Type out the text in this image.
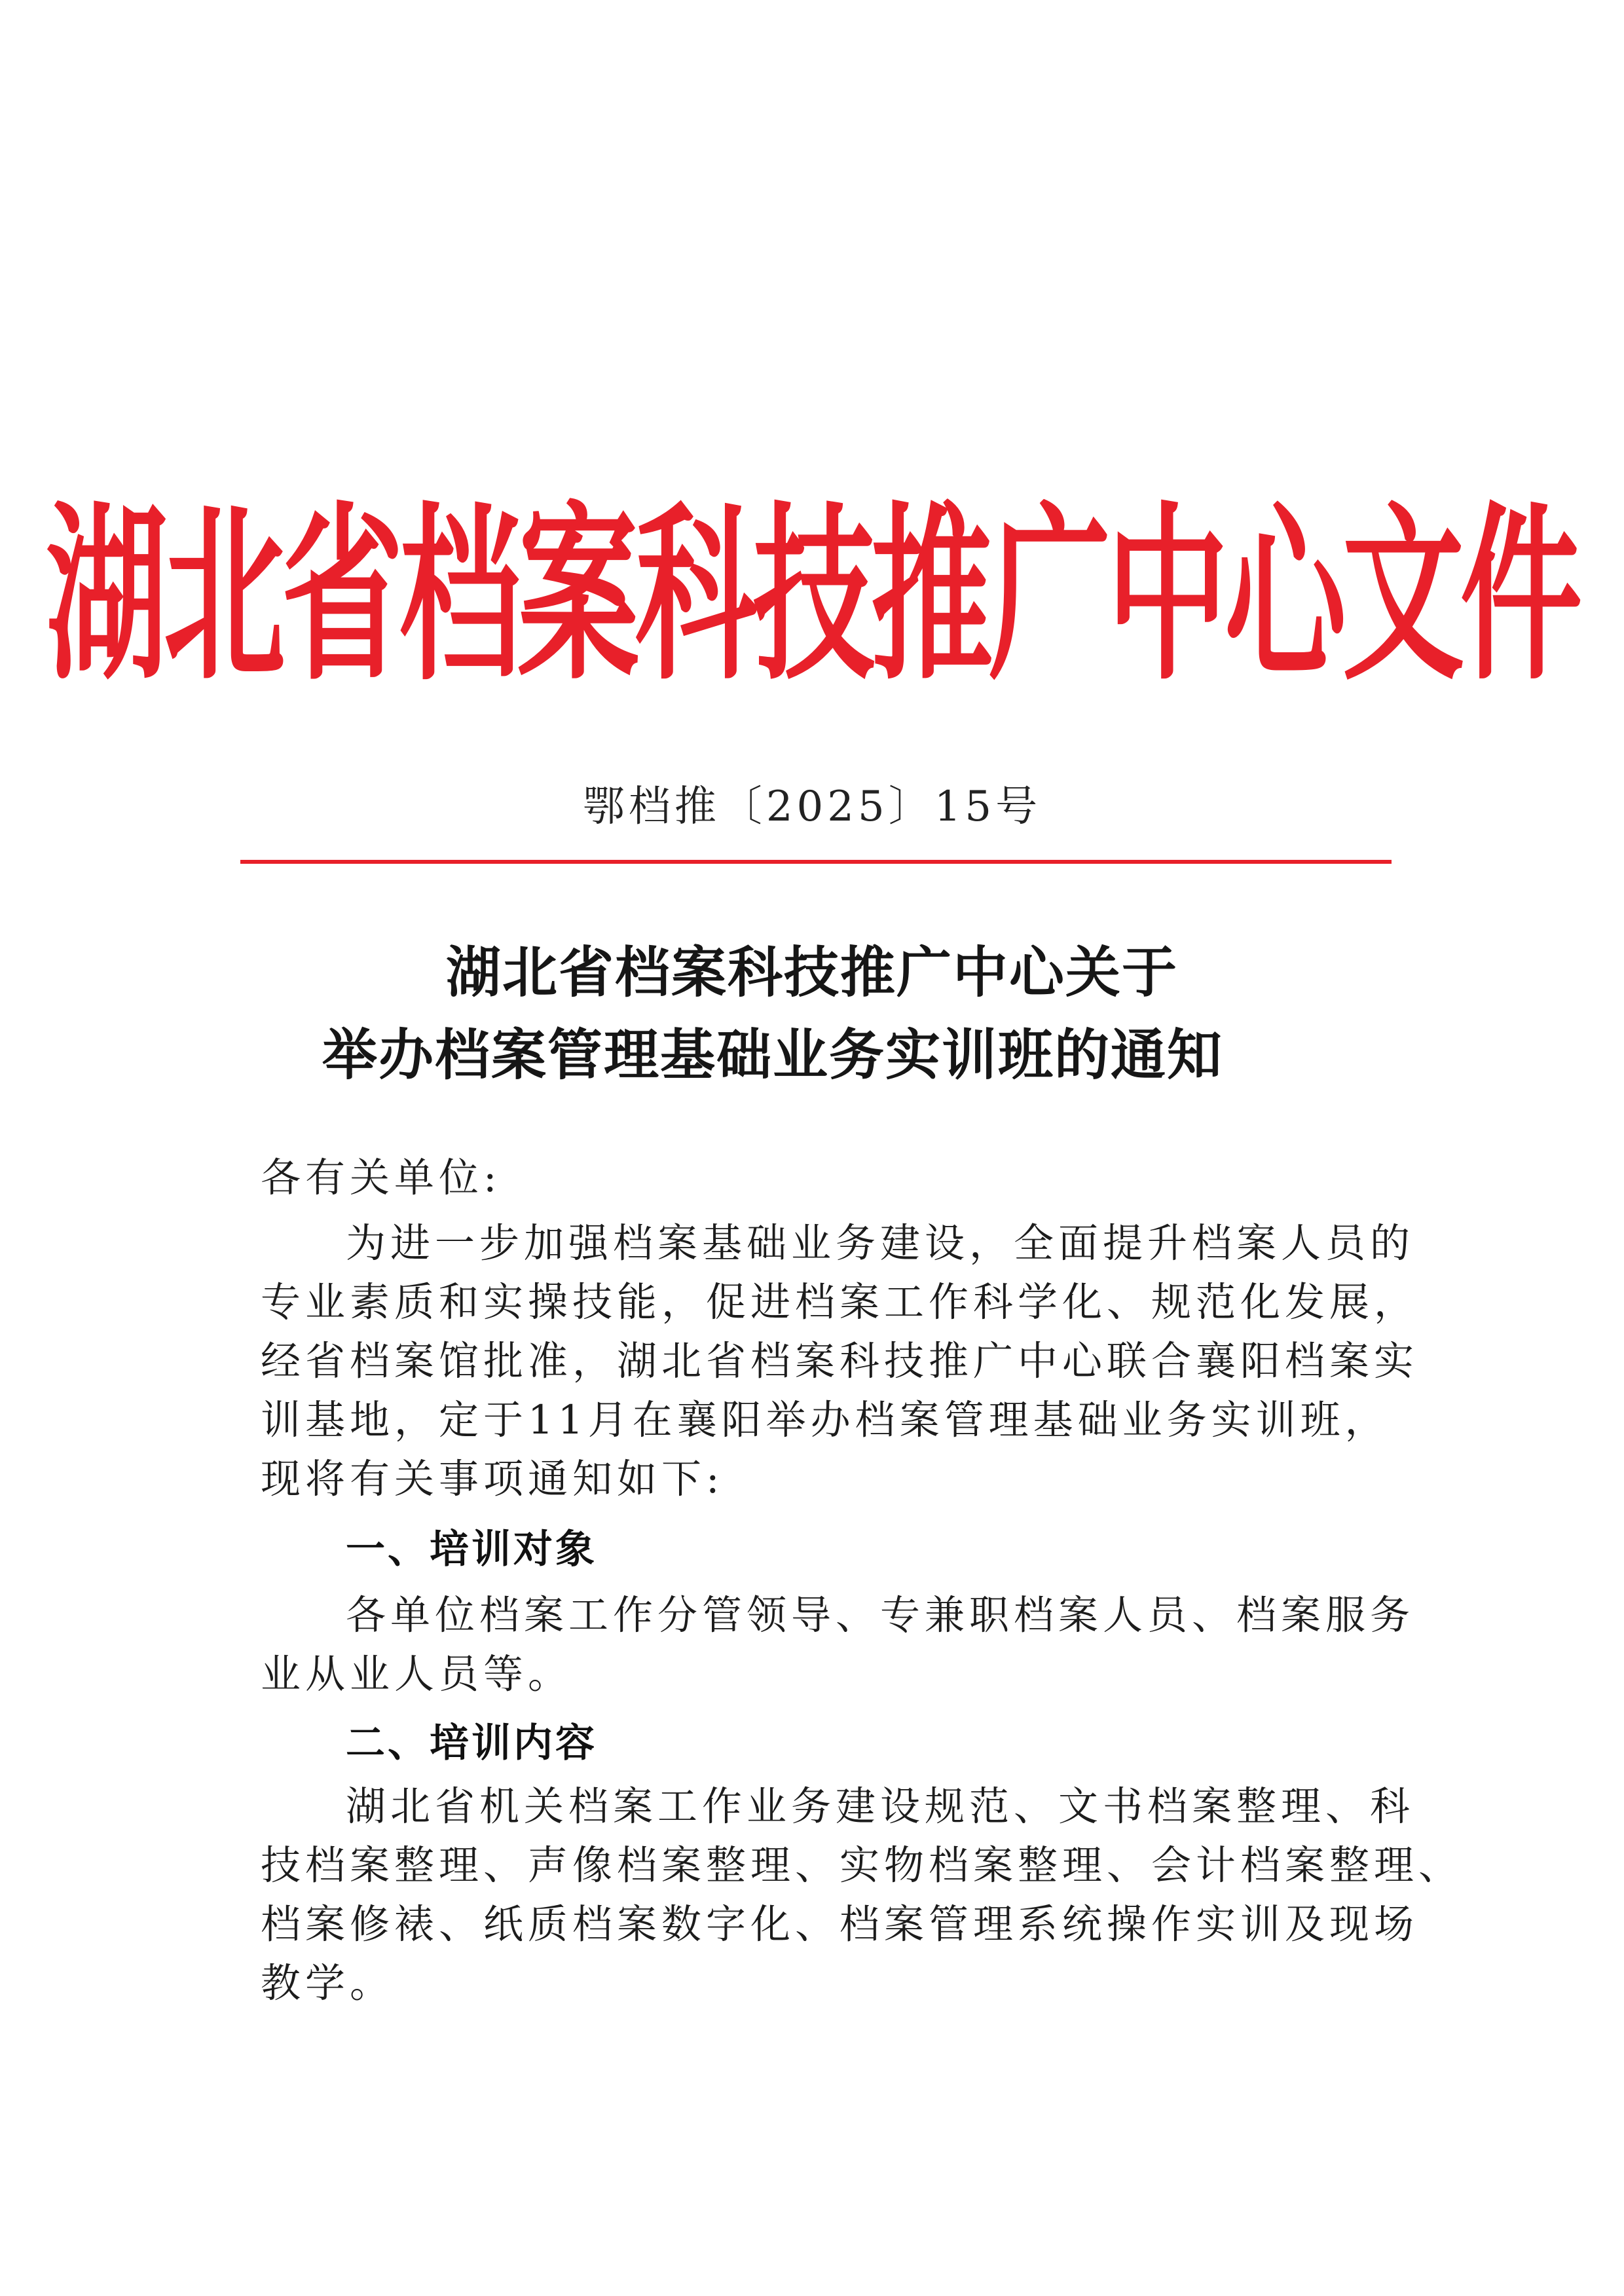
湖北省档案科技推广中心文件
鄂档推〔2025〕15号
湖北省档案科技推广中心关于
举办档案管理基础业务实训班的通知
各有关单位:
为进一步加强档案基础业务建设，全面提升档案人员的
专业素质和实操技能，促进档案工作科学化、规范化发展，
经省档案馆批准，湖北省档案科技推广中心联合襄阳档案实
训基地，定于11月在襄阳举办档案管理基础业务实训班，
现将有关事项通知如下:
一、培训对象
各单位档案工作分管领导、专兼职档案人员、档案服务
业从业人员等。
二、培训内容
湖北省机关档案工作业务建设规范、文书档案整理、科
技档案整理、声像档案整理、实物档案整理、会计档案整理、
档案修裱、纸质档案数字化、档案管理系统操作实训及现场
教学。
